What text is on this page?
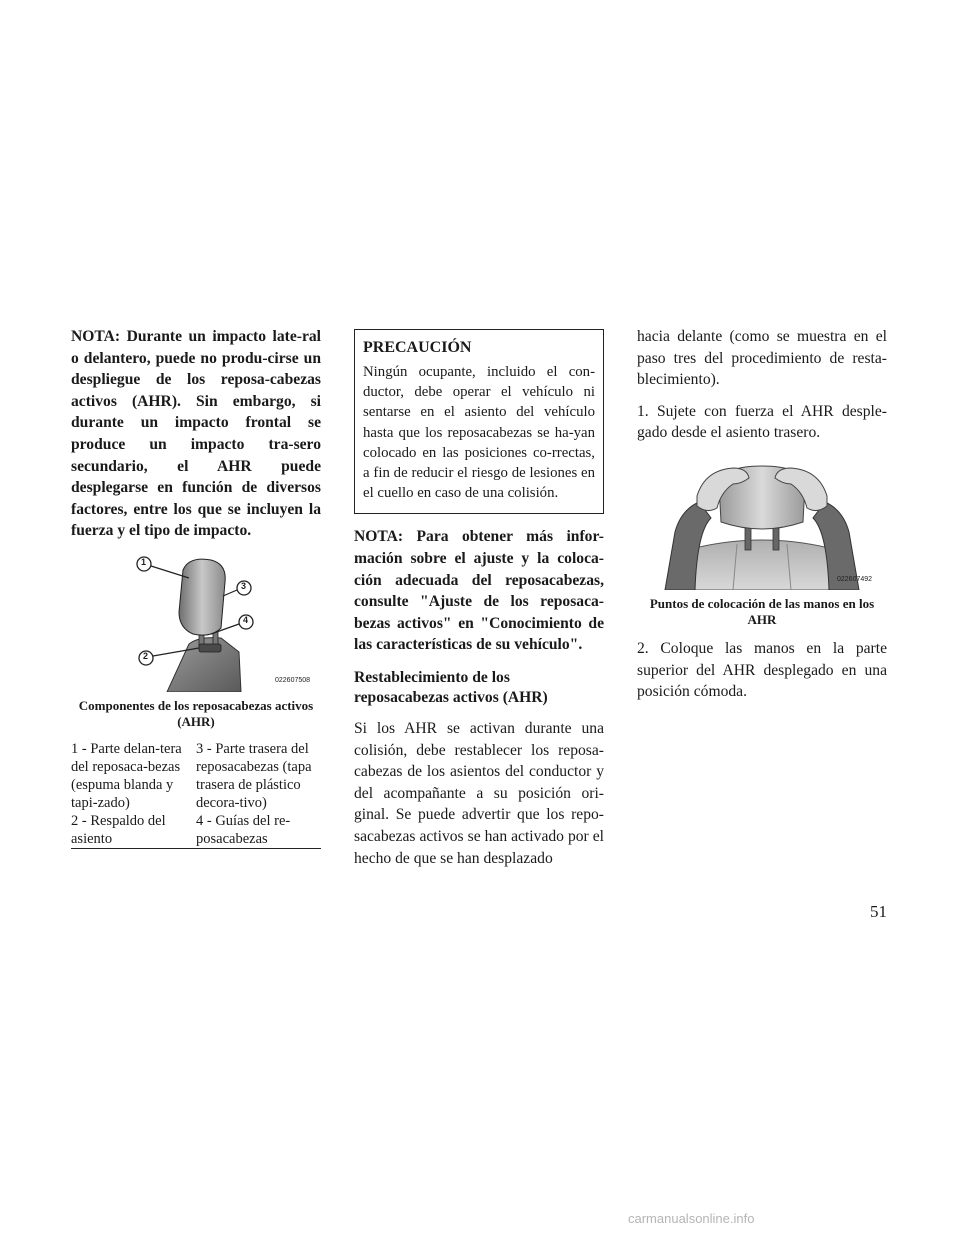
NOTA: Durante un impacto late-ral o delantero, puede no produ-cirse un despliegue de los reposa-cabezas activos (AHR). Sin embargo, si durante un impacto frontal se produce un impacto tra-sero secundario, el AHR puede desplegarse en función de diversos factores, entre los que se incluyen la fuerza y el tipo de impacto.

022607508
1
3
4
2

Componentes de los reposacabezas activos (AHR)

1 - Parte delan-tera del reposaca-bezas (espuma blanda y tapi-zado)	3 - Parte trasera del reposacabezas (tapa trasera de plástico decora-tivo)
2 - Respaldo del asiento	4 - Guías del re-posacabezas

PRECAUCIÓN

Ningún ocupante, incluido el con-ductor, debe operar el vehículo ni sentarse en el asiento del vehículo hasta que los reposacabezas se ha-yan colocado en las posiciones co-rrectas, a fin de reducir el riesgo de lesiones en el cuello en caso de una colisión.

NOTA: Para obtener más infor-mación sobre el ajuste y la coloca-ción adecuada del reposacabezas, consulte "Ajuste de los reposaca-bezas activos" en "Conocimiento de las características de su vehículo".

Restablecimiento de los reposacabezas activos (AHR)

Si los AHR se activan durante una colisión, debe restablecer los reposa-cabezas de los asientos del conductor y del acompañante a su posición ori-ginal. Se puede advertir que los repo-sacabezas activos se han activado por el hecho de que se han desplazado

hacia delante (como se muestra en el paso tres del procedimiento de resta-blecimiento).

1. Sujete con fuerza el AHR desple-gado desde el asiento trasero.

022607492

Puntos de colocación de las manos en los AHR

2. Coloque las manos en la parte superior del AHR desplegado en una posición cómoda.

51
carmanualsonline.info
